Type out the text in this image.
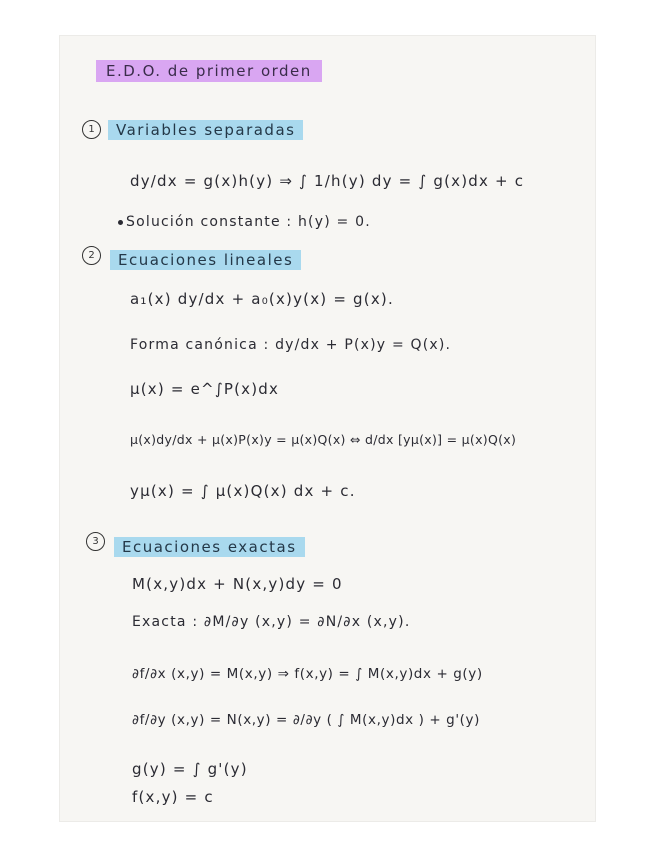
E.D.O. de primer orden
1	Variables separadas
dy/dx = g(x)h(y) ⇒ ∫ 1/h(y) dy = ∫ g(x)dx + c
Solución constante : h(y) = 0.
2	Ecuaciones lineales
a₁(x) dy/dx + a₀(x)y(x) = g(x).
Forma canónica : dy/dx + P(x)y = Q(x).
μ(x) = e^∫P(x)dx
μ(x)dy/dx + μ(x)P(x)y = μ(x)Q(x) ⇔ d/dx [yμ(x)] = μ(x)Q(x)
yμ(x) = ∫ μ(x)Q(x) dx + c.
3	Ecuaciones exactas
M(x,y)dx + N(x,y)dy = 0
Exacta : ∂M/∂y (x,y) = ∂N/∂x (x,y).
∂f/∂x (x,y) = M(x,y) ⇒ f(x,y) = ∫ M(x,y)dx + g(y)
∂f/∂y (x,y) = N(x,y) = ∂/∂y ( ∫ M(x,y)dx ) + g'(y)
g(y) = ∫ g'(y)
f(x,y) = c
